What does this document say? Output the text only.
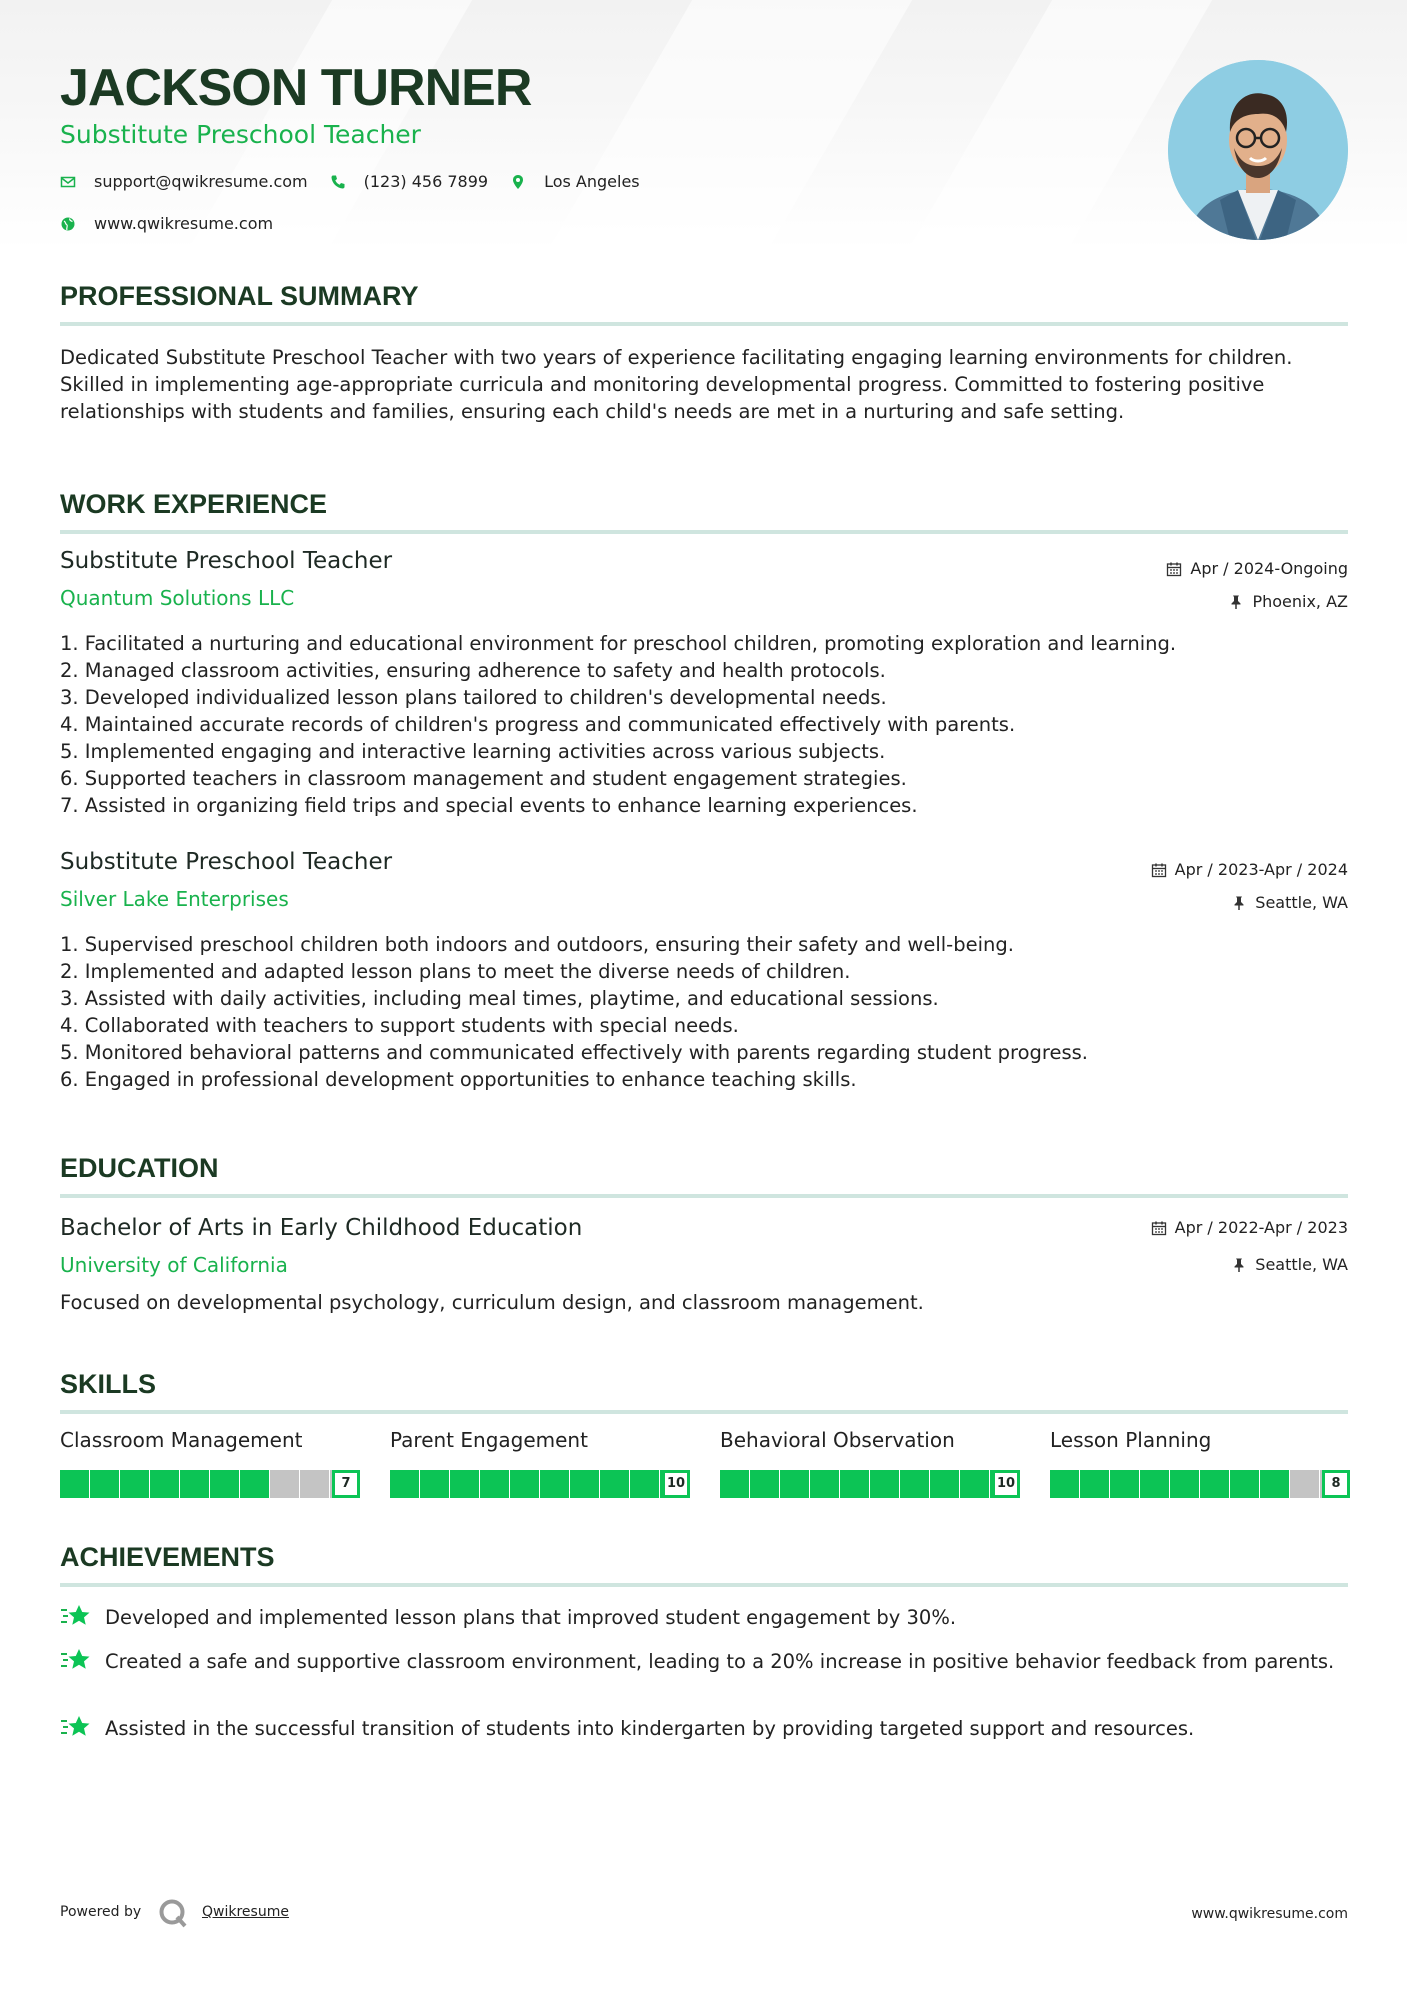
JACKSON TURNER
Substitute Preschool Teacher
support@qwikresume.com	(123) 456 7899	Los Angeles
www.qwikresume.com
PROFESSIONAL SUMMARY

Dedicated Substitute Preschool Teacher with two years of experience facilitating engaging learning environments for children. Skilled in implementing age-appropriate curricula and monitoring developmental progress. Committed to fostering positive relationships with students and families, ensuring each child's needs are met in a nurturing and safe setting.

WORK EXPERIENCE
Substitute Preschool Teacher
Quantum Solutions LLC
Apr / 2024-Ongoing
Phoenix, AZ
1. Facilitated a nurturing and educational environment for preschool children, promoting exploration and learning.
2. Managed classroom activities, ensuring adherence to safety and health protocols.
3. Developed individualized lesson plans tailored to children's developmental needs.
4. Maintained accurate records of children's progress and communicated effectively with parents.
5. Implemented engaging and interactive learning activities across various subjects.
6. Supported teachers in classroom management and student engagement strategies.
7. Assisted in organizing field trips and special events to enhance learning experiences.
Substitute Preschool Teacher
Silver Lake Enterprises
Apr / 2023-Apr / 2024
Seattle, WA
1. Supervised preschool children both indoors and outdoors, ensuring their safety and well-being.
2. Implemented and adapted lesson plans to meet the diverse needs of children.
3. Assisted with daily activities, including meal times, playtime, and educational sessions.
4. Collaborated with teachers to support students with special needs.
5. Monitored behavioral patterns and communicated effectively with parents regarding student progress.
6. Engaged in professional development opportunities to enhance teaching skills.
EDUCATION
Bachelor of Arts in Early Childhood Education
University of California
Apr / 2022-Apr / 2023
Seattle, WA

Focused on developmental psychology, curriculum design, and classroom management.

SKILLS
Classroom Management
7
Parent Engagement
10
Behavioral Observation
10
Lesson Planning
8
ACHIEVEMENTS
Developed and implemented lesson plans that improved student engagement by 30%.
Created a safe and supportive classroom environment, leading to a 20% increase in positive behavior feedback from parents.
Assisted in the successful transition of students into kindergarten by providing targeted support and resources.
Powered by	Qwikresume	www.qwikresume.com
